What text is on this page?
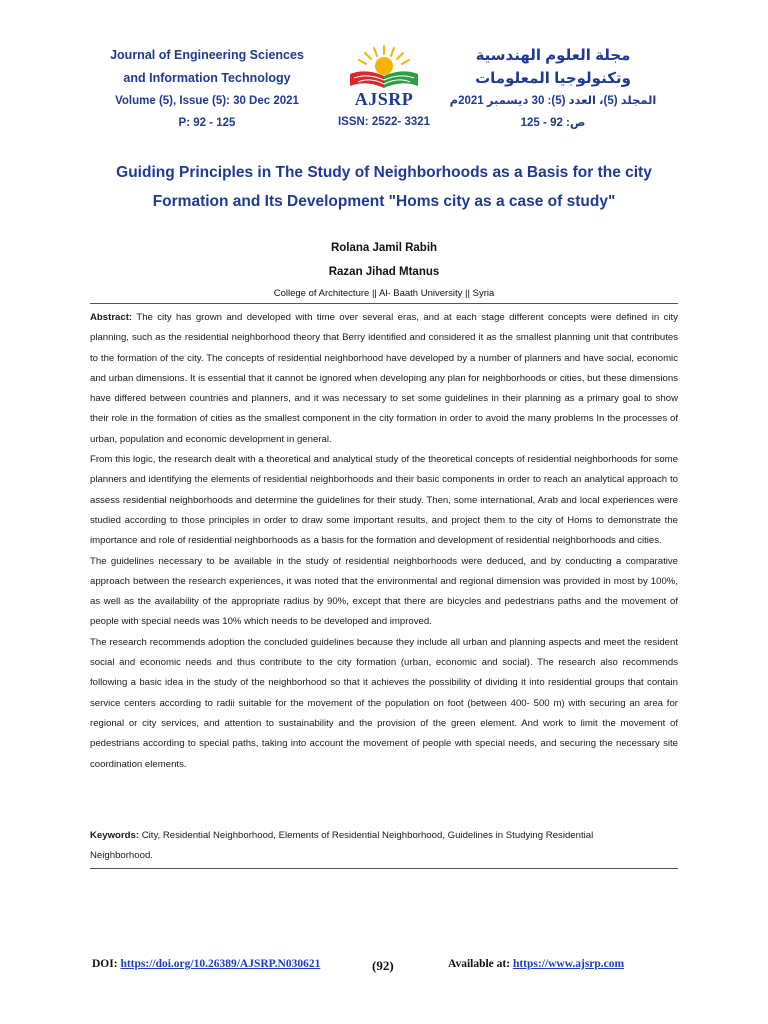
Journal of Engineering Sciences
and Information Technology
Volume (5), Issue (5): 30 Dec 2021
P: 92 - 125
AJSRP
ISSN: 2522- 3321
مجلة العلوم الهندسية
وتكنولوجيا المعلومات
المجلد (5)، العدد (5): 30 ديسمبر 2021م
ص: 92 - 125
Guiding Principles in The Study of Neighborhoods as a Basis for the city
Formation and Its Development "Homs city as a case of study"
Rolana Jamil Rabih
Razan Jihad Mtanus
College of Architecture || Al- Baath University || Syria

Abstract: The city has grown and developed with time over several eras, and at each stage different concepts were defined in city planning, such as the residential neighborhood theory that Berry identified and considered it as the smallest planning unit that contributes to the formation of the city. The concepts of residential neighborhood have developed by a number of planners and have social, economic and urban dimensions. It is essential that it cannot be ignored when developing any plan for neighborhoods or cities, but these dimensions have differed between countries and planners, and it was necessary to set some guidelines in their planning as a primary goal to show their role in the formation of cities as the smallest component in the city formation in order to avoid the many problems In the processes of urban, population and economic development in general.

From this logic, the research dealt with a theoretical and analytical study of the theoretical concepts of residential neighborhoods for some planners and identifying the elements of residential neighborhoods and their basic components in order to reach an analytical approach to assess residential neighborhoods and determine the guidelines for their study. Then, some international, Arab and local experiences were studied according to those principles in order to draw some important results, and project them to the city of Homs to demonstrate the importance and role of residential neighborhoods as a basis for the formation and development of residential neighborhoods and cities.

The guidelines necessary to be available in the study of residential neighborhoods were deduced, and by conducting a comparative approach between the research experiences, it was noted that the environmental and regional dimension was provided in most by 100%, as well as the availability of the appropriate radius by 90%, except that there are bicycles and pedestrians paths and the movement of people with special needs was 10% which needs to be developed and improved.

The research recommends adoption the concluded guidelines because they include all urban and planning aspects and meet the resident social and economic needs and thus contribute to the city formation (urban, economic and social). The research also recommends following a basic idea in the study of the neighborhood so that it achieves the possibility of dividing it into residential groups that contain service centers according to radii suitable for the movement of the population on foot (between 400- 500 m) with securing an area for regional or city services, and attention to sustainability and the provision of the green element. And work to limit the movement of pedestrians according to special paths, taking into account the movement of people with special needs, and securing the necessary site coordination elements.

Keywords: City, Residential Neighborhood, Elements of Residential Neighborhood, Guidelines in Studying Residential Neighborhood.
DOI: https://doi.org/10.26389/AJSRP.N030621	(92)	Available at: https://www.ajsrp.com
